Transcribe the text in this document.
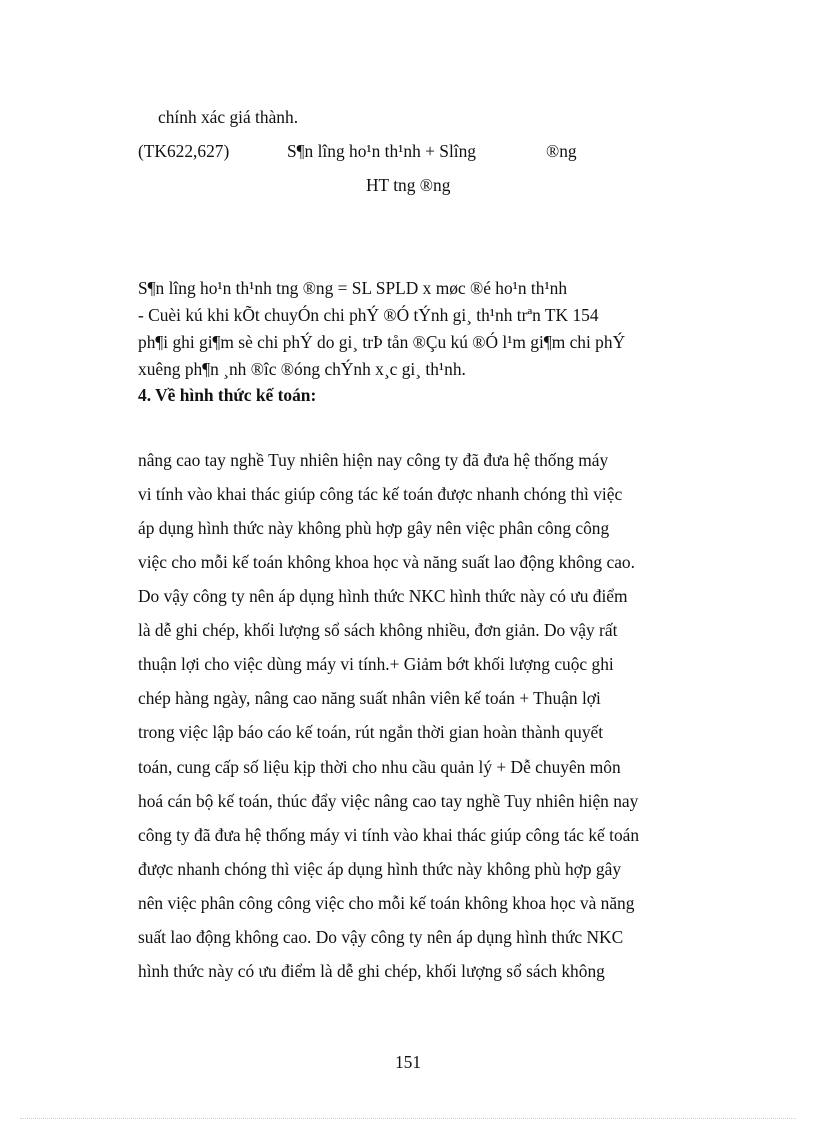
chính xác giá thành.
(TK622,627)	S¶n lîng ho¹n th¹nh + Slîng	®ng
HT tng ®ng
S¶n lîng ho¹n th¹nh tng ®ng = SL SPLD x møc ®é ho¹n th¹nh
- Cuèi kú khi kÕt chuyÓn chi phÝ ®Ó tÝnh gi¸ th¹nh trªn TK 154
ph¶i ghi gi¶m sè chi phÝ do gi¸ trÞ tån ®Çu kú ®Ó l¹m gi¶m chi phÝ
xuêng ph¶n ¸nh ®îc ®óng chÝnh x¸c gi¸ th¹nh.
4. Về hình thức kế toán:
nâng cao tay nghề Tuy nhiên hiện nay công ty đã đưa hệ thống máy
vi tính vào khai thác giúp công tác kế toán được nhanh chóng thì việc
áp dụng hình thức này không phù hợp gây nên việc phân công công
việc cho mỗi kế toán không khoa học và năng suất lao động không cao.
Do vậy công ty nên áp dụng hình thức NKC hình thức này có ưu điểm
là dễ ghi chép, khối lượng sổ sách không nhiều, đơn giản. Do vậy rất
thuận lợi cho việc dùng máy vi tính.+ Giảm bớt khối lượng cuộc ghi
chép hàng ngày, nâng cao năng suất nhân viên kế toán + Thuận lợi
trong việc lập báo cáo kế toán, rút ngắn thời gian hoàn thành quyết
toán, cung cấp số liệu kịp thời cho nhu cầu quản lý + Dễ chuyên môn
hoá cán bộ kế toán, thúc đẩy việc nâng cao tay nghề Tuy nhiên hiện nay
công ty đã đưa hệ thống máy vi tính vào khai thác giúp công tác kế toán
được nhanh chóng thì việc áp dụng hình thức này không phù hợp gây
nên việc phân công công việc cho mỗi kế toán không khoa học và năng
suất lao động không cao. Do vậy công ty nên áp dụng hình thức NKC
hình thức này có ưu điểm là dễ ghi chép, khối lượng sổ sách không
151
